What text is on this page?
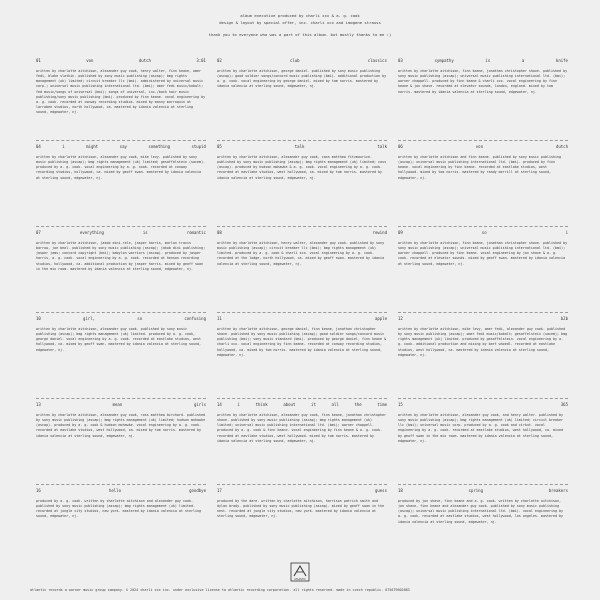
album executive produced by charli xcx & a. g. cook
design & layout by special offer, inc. charli xcx and imogene strauss
thank you to everyone who was a part of this album. but mostly thanks to me :)
01	von	dutch	3:01
written by charlotte aitchison, alexander guy cook, henry walter, finn keane, omer fedi, blake slatkin. published by sony music publishing (ascap); bmg rights management (uk) limited; circuit breaker llc (bmi). administered by universal music corp.; universal music publishing international ltd. (bmi); omer fedi music/kobalt; fed music/songs of universal (bmi); songs of universal, inc./back hair music publishing/sony music publishing (bmi). produced by finn keane. vocal engineering by a. g. cook. recorded at conway recording studios. mixed by manny marroquin at larrabee studios, north hollywood, ca. mastered by idania valencia at sterling sound, edgewater, nj.
02	club	classics
written by charlotte aitchison, george daniel. published by sony music publishing (ascap); good soldier songs/concord music publishing (bmi). additional production by a. g. cook. vocal engineering by george daniel. mixed by tom norris. mastered by idania valencia at sterling sound, edgewater, nj.
03	sympathy	is	a	knife
written by charlotte aitchison, finn keane, jonathan christopher shave. published by sony music publishing (ascap); universal music publishing international ltd. (bmi); warner chappell. produced by finn keane & charli xcx. vocal engineering by finn keane & jon shave. recorded at elevator sounds, london, england. mixed by tom norris. mastered by idania valencia at sterling sound, edgewater, nj.
04	i	might	say	something	stupid
written by charlotte aitchison, alexander guy cook, mike levy. published by sony music publishing (ascap); bmg rights management (uk) limited; gesaffelstein (sacem). produced by a. g. cook. vocal engineering by a. g. cook. recorded at conway recording studios, hollywood, ca. mixed by geoff swan. mastered by idania valencia at sterling sound, edgewater, nj.
05	talk	talk
written by charlotte aitchison, alexander guy cook, cass matthew fitzmaurice. published by sony music publishing (ascap); bmg rights management (uk) limited; cass (ascap). produced by hudson mohawke & a. g. cook. vocal engineering by a. g. cook. recorded at eastlake studios, west hollywood, ca. mixed by tom norris. mastered by idania valencia at sterling sound, edgewater, nj.
06	von	dutch
written by charlotte aitchison and finn keane. published by sony music publishing (ascap); universal music publishing international ltd. (bmi). produced by finn keane. vocal engineering by finn keane. recorded at eastlake studios, west hollywood. mixed by tom norris. mastered by randy merrill at sterling sound, edgewater, nj.
07	everything	is	romantic
written by charlotte aitchison, jakob dini-rele, jasper harris, marlon travis barrow, joe beal. published by sony music publishing (ascap); jakob dini publishing; jasper jams; concord copyright (bmi); babylon warriors (ascap). produced by jasper harris, a. g. cook. vocal engineering by a. g. cook. recorded at henson recording studios, hollywood, ca. additional production by jasper harris. mixed by geoff swan in the mix room. mastered by idania valencia at sterling sound, edgewater, nj.
08	rewind
written by charlotte aitchison, henry walter, alexander guy cook. published by sony music publishing (ascap); circuit breaker llc (bmi); bmg rights management (uk) limited. produced by a. g. cook & charli xcx. vocal engineering by a. g. cook. recorded at the lodge, north hollywood, ca. mixed by geoff swan. mastered by idania valencia at sterling sound, edgewater, nj.
09	so	i
written by charlotte aitchison, finn keane, jonathan christopher shave. published by sony music publishing (ascap); universal music publishing international ltd. (bmi); warner chappell. produced by finn keane. vocal engineering by jon shave & a. g. cook. recorded at elevator sounds. mixed by geoff swan. mastered by idania valencia at sterling sound, edgewater, nj.
10	girl,	so	confusing
written by charlotte aitchison, alexander guy cook. published by sony music publishing (ascap); bmg rights management (uk) limited. produced by a. g. cook, george daniel. vocal engineering by a. g. cook. recorded at eastlake studios, west hollywood, ca. mixed by geoff swan. mastered by idania valencia at sterling sound, edgewater, nj.
11	apple
written by charlotte aitchison, george daniel, finn keane, jonathan christopher shave. published by sony music publishing (ascap); good soldier songs/concord music publishing (bmi); sony music standard (bmi). produced by george daniel, finn keane & charli xcx. vocal engineering by finn keane. recorded at conway recording studios, hollywood, ca. mixed by tom norris. mastered by idania valencia at sterling sound, edgewater, nj.
12	b2b
written by charlotte aitchison, mike levy, omer fedi, alexander guy cook. published by sony music publishing (ascap); omer fedi music/kobalt; gesaffelstein (sacem); bmg rights management (uk) limited. produced by gesaffelstein. vocal engineering by a. g. cook. additional production and mixing by bart whoedl. recorded at eastlake studios, west hollywood, ca. mastered by idania valencia at sterling sound, edgewater, nj.
13	mean	girls
written by charlotte aitchison, alexander guy cook, ross matthew birchard. published by sony music publishing (ascap); bmg rights management (uk) limited; hudson mohawke (ascap). produced by a. g. cook & hudson mohawke. vocal engineering by a. g. cook. recorded at eastlake studios, west hollywood, ca. mixed by tom norris. mastered by idania valencia at sterling sound, edgewater, nj.
14	i	think	about	it	all	the	time
written by charlotte aitchison, alexander guy cook, finn keane, jonathan christopher shave. published by sony music publishing (ascap); bmg rights management (uk) limited; universal music publishing international ltd. (bmi); warner chappell. produced by a. g. cook & finn keane. vocal engineering by finn keane & a. g. cook. recorded at eastlake studios, west hollywood. mixed by tom norris. mastered by idania valencia at sterling sound, edgewater, nj.
15	365
written by charlotte aitchison, alexander guy cook, and henry walter. published by sony music publishing (ascap); bmg rights management (uk) limited; circuit breaker llc (bmi); universal music corp. produced by a. g. cook and cirkut. vocal engineering by a. g. cook. recorded at eastlake studios, west hollywood, ca. mixed by geoff swan in the mix room. mastered by idania valencia at sterling sound, edgewater, nj.
16	hello	goodbye
produced by a. g. cook. written by charlotte aitchison and alexander guy cook. published by sony music publishing (ascap); bmg rights management (uk) limited. recorded at jungle city studios, new york. mastered by idania valencia at sterling sound, edgewater, nj.
17	guess
produced by the dare. written by charlotte aitchison, harrison patrick smith and dylan brady. published by sony music publishing (ascap). mixed by geoff swan in the nest. recorded at jungle city studios, new york. mastered by idania valencia at sterling sound, edgewater, nj.
18	spring	breakers
produced by jon shave, finn keane and a. g. cook. written by charlotte aitchison, jon shave, finn keane and alexander guy cook. published by sony music publishing (ascap); universal music publishing international ltd. (bmi). vocal engineering by a. g. cook. recorded at eastlake studios, west hollywood, los angeles. mastered by idania valencia at sterling sound, edgewater, nj.
ATLANTIC
atlantic records a warner music group company. © 2024 charli xcx inc. under exclusive license to atlantic recording corporation. all rights reserved. made in czech republic. 075679602883
